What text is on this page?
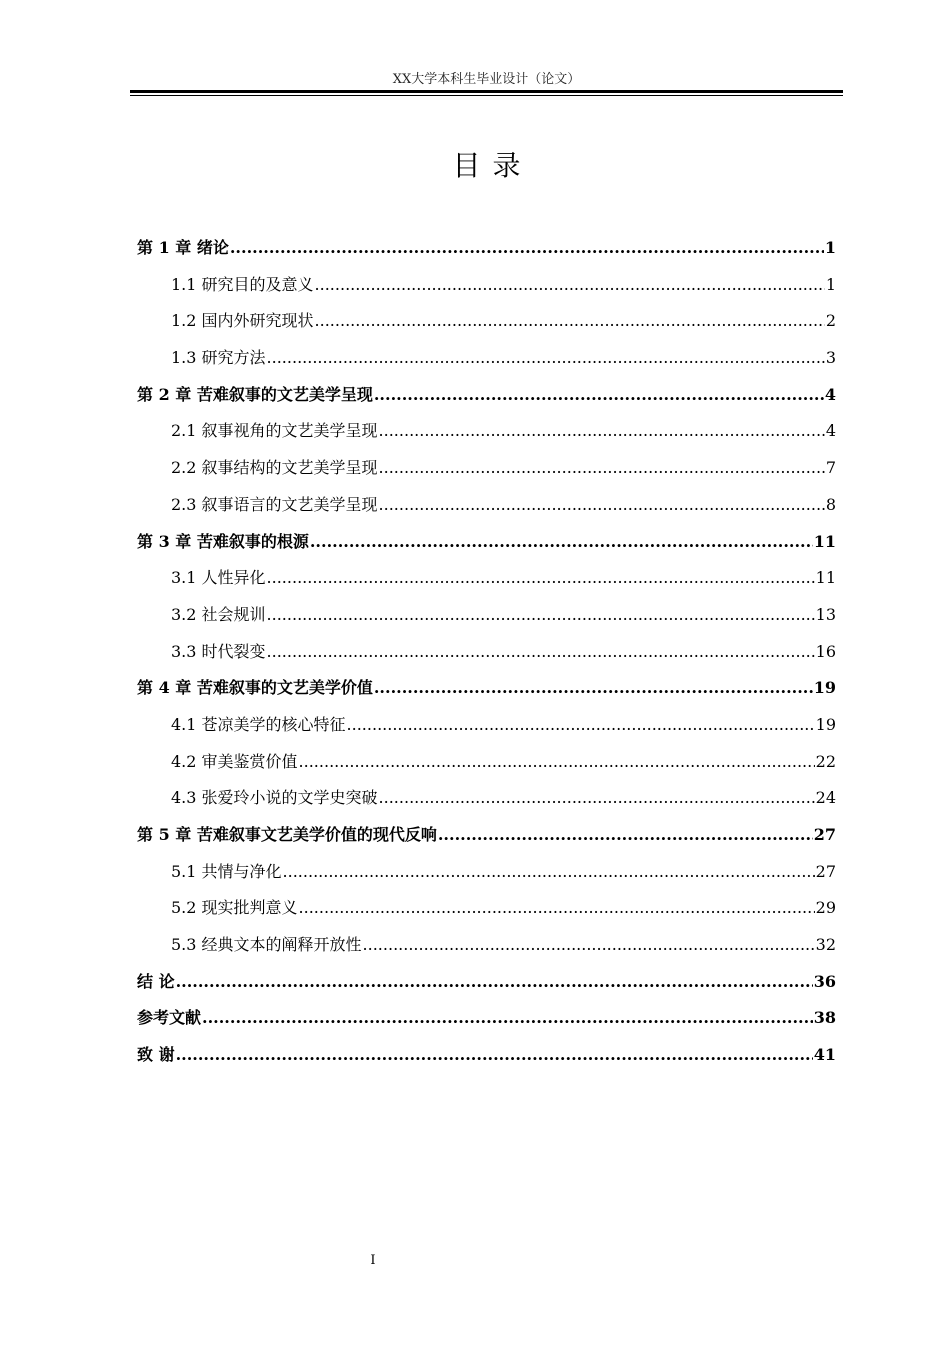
XX大学本科生毕业设计（论文）
目录
第 1 章 绪论 .....	1
1.1 研究目的及意义 .....	1
1.2 国内外研究现状 .....	2
1.3 研究方法 .....	3
第 2 章 苦难叙事的文艺美学呈现 .....	4
2.1 叙事视角的文艺美学呈现 .....	4
2.2 叙事结构的文艺美学呈现 .....	7
2.3 叙事语言的文艺美学呈现 .....	8
第 3 章 苦难叙事的根源 .....	11
3.1 人性异化 .....	11
3.2 社会规训 .....	13
3.3 时代裂变 .....	16
第 4 章 苦难叙事的文艺美学价值 .....	19
4.1 苍凉美学的核心特征 .....	19
4.2 审美鉴赏价值 .....	22
4.3 张爱玲小说的文学史突破 .....	24
第 5 章 苦难叙事文艺美学价值的现代反响 .....	27
5.1 共情与净化 .....	27
5.2 现实批判意义 .....	29
5.3 经典文本的阐释开放性 .....	32
结 论 .....	36
参考文献 .....	38
致 谢 .....	41
I
